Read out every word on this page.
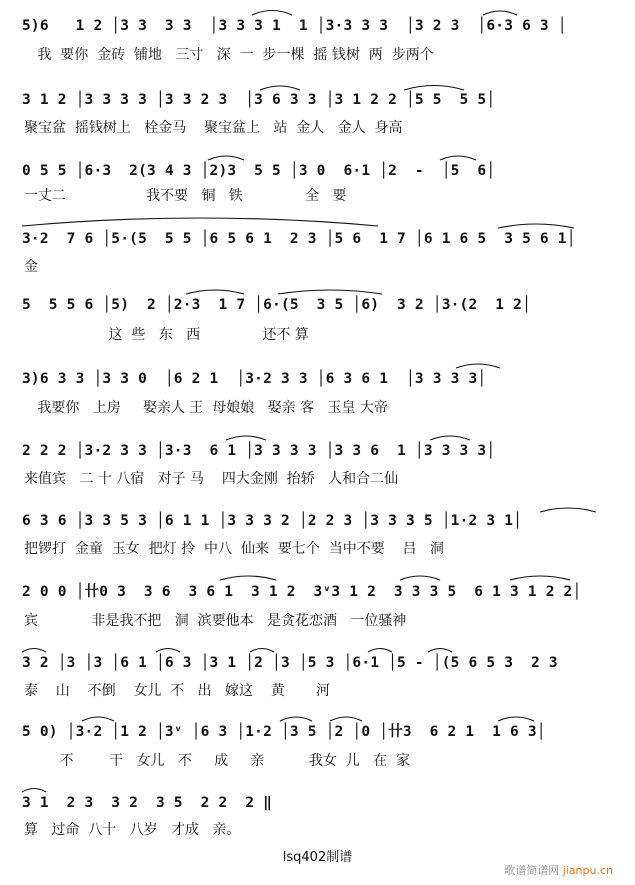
5)6   1 2 │3 3  3 3  │3 3 3 1  1 │3·3 3 3  │3 2 3  │6·3 6 3 │
我  要你  金砖  铺地   三寸   深  一  步一棵  摇 钱树  两  步两个
3 1 2 │3 3 3 3 │3 3 2 3  │3 6 3 3 │3 1 2 2 │5 5  5 5│
聚宝盆  摇钱树上   栓金马    聚宝盆上   站  金人   金人  身高
0 5 5 │6·3  2(3 4 3 │2)3  5 5 │3 0  6·1 │2  -  │5  6│
一丈二                  我不要   铜   铁              全   要
3·2  7 6 │5·(5  5 5 │6 5 6 1  2 3 │5 6  1 7 │6 1 6 5  3 5 6 1│
金
5  5 5 6 │5)  2 │2·3  1 7 │6·(5  3 5 │6)  3 2 │3·(2  1 2│
这  些   东   西              还不 算
3)6 3 3 │3 3 0  │6 2 1  │3·2 3 3 │6 3 6 1  │3 3 3 3│
我要你   上房     娶亲人 王  母娘娘   娶亲 客   玉皇 大帝
2 2 2 │3·2 3 3 │3·3  6 1 │3 3 3 3 │3 3 6  1 │3 3 3 3│
来值宾   二 十 八宿   对子 马    四大金刚  抬轿   人和合二仙
6 3 6 │3 3 5 3 │6 1 1 │3 3 3 2 │2 2 3 │3 3 3 5 │1·2 3 1│
把锣打  金童  玉女  把灯 拎  中八  仙来  要七个  当中不要    吕   洞
2 0 0 │卄0 3  3 6  3 6 1  3 1 2  3ᵛ3 1 2  3 3 3 5  6 1 3 1 2 2│
宾            非是我不把   洞  滨要他本   是贪花恋酒   一位骚神
3 2 │3 │3 │6 1 │6 3 │3 1 │2 │3 │5 3 │6·1 │5 - │(5 6 5 3  2 3
泰    山    不倒    女儿  不   出   嫁这    黄       河
5 0) │3·2 │1 2 │3ᵛ │6 3 │1·2 │3 5 │2 │0 │卄3  6 2 1  1 6 3│
不        干   女儿   不     成     亲          我女  儿   在  家
3 1  2 3  3 2  3 5  2 2  2 ‖
算   过命  八十   八岁   才成   亲。
lsq402制谱
歌谱简谱网 jianpu.cn
